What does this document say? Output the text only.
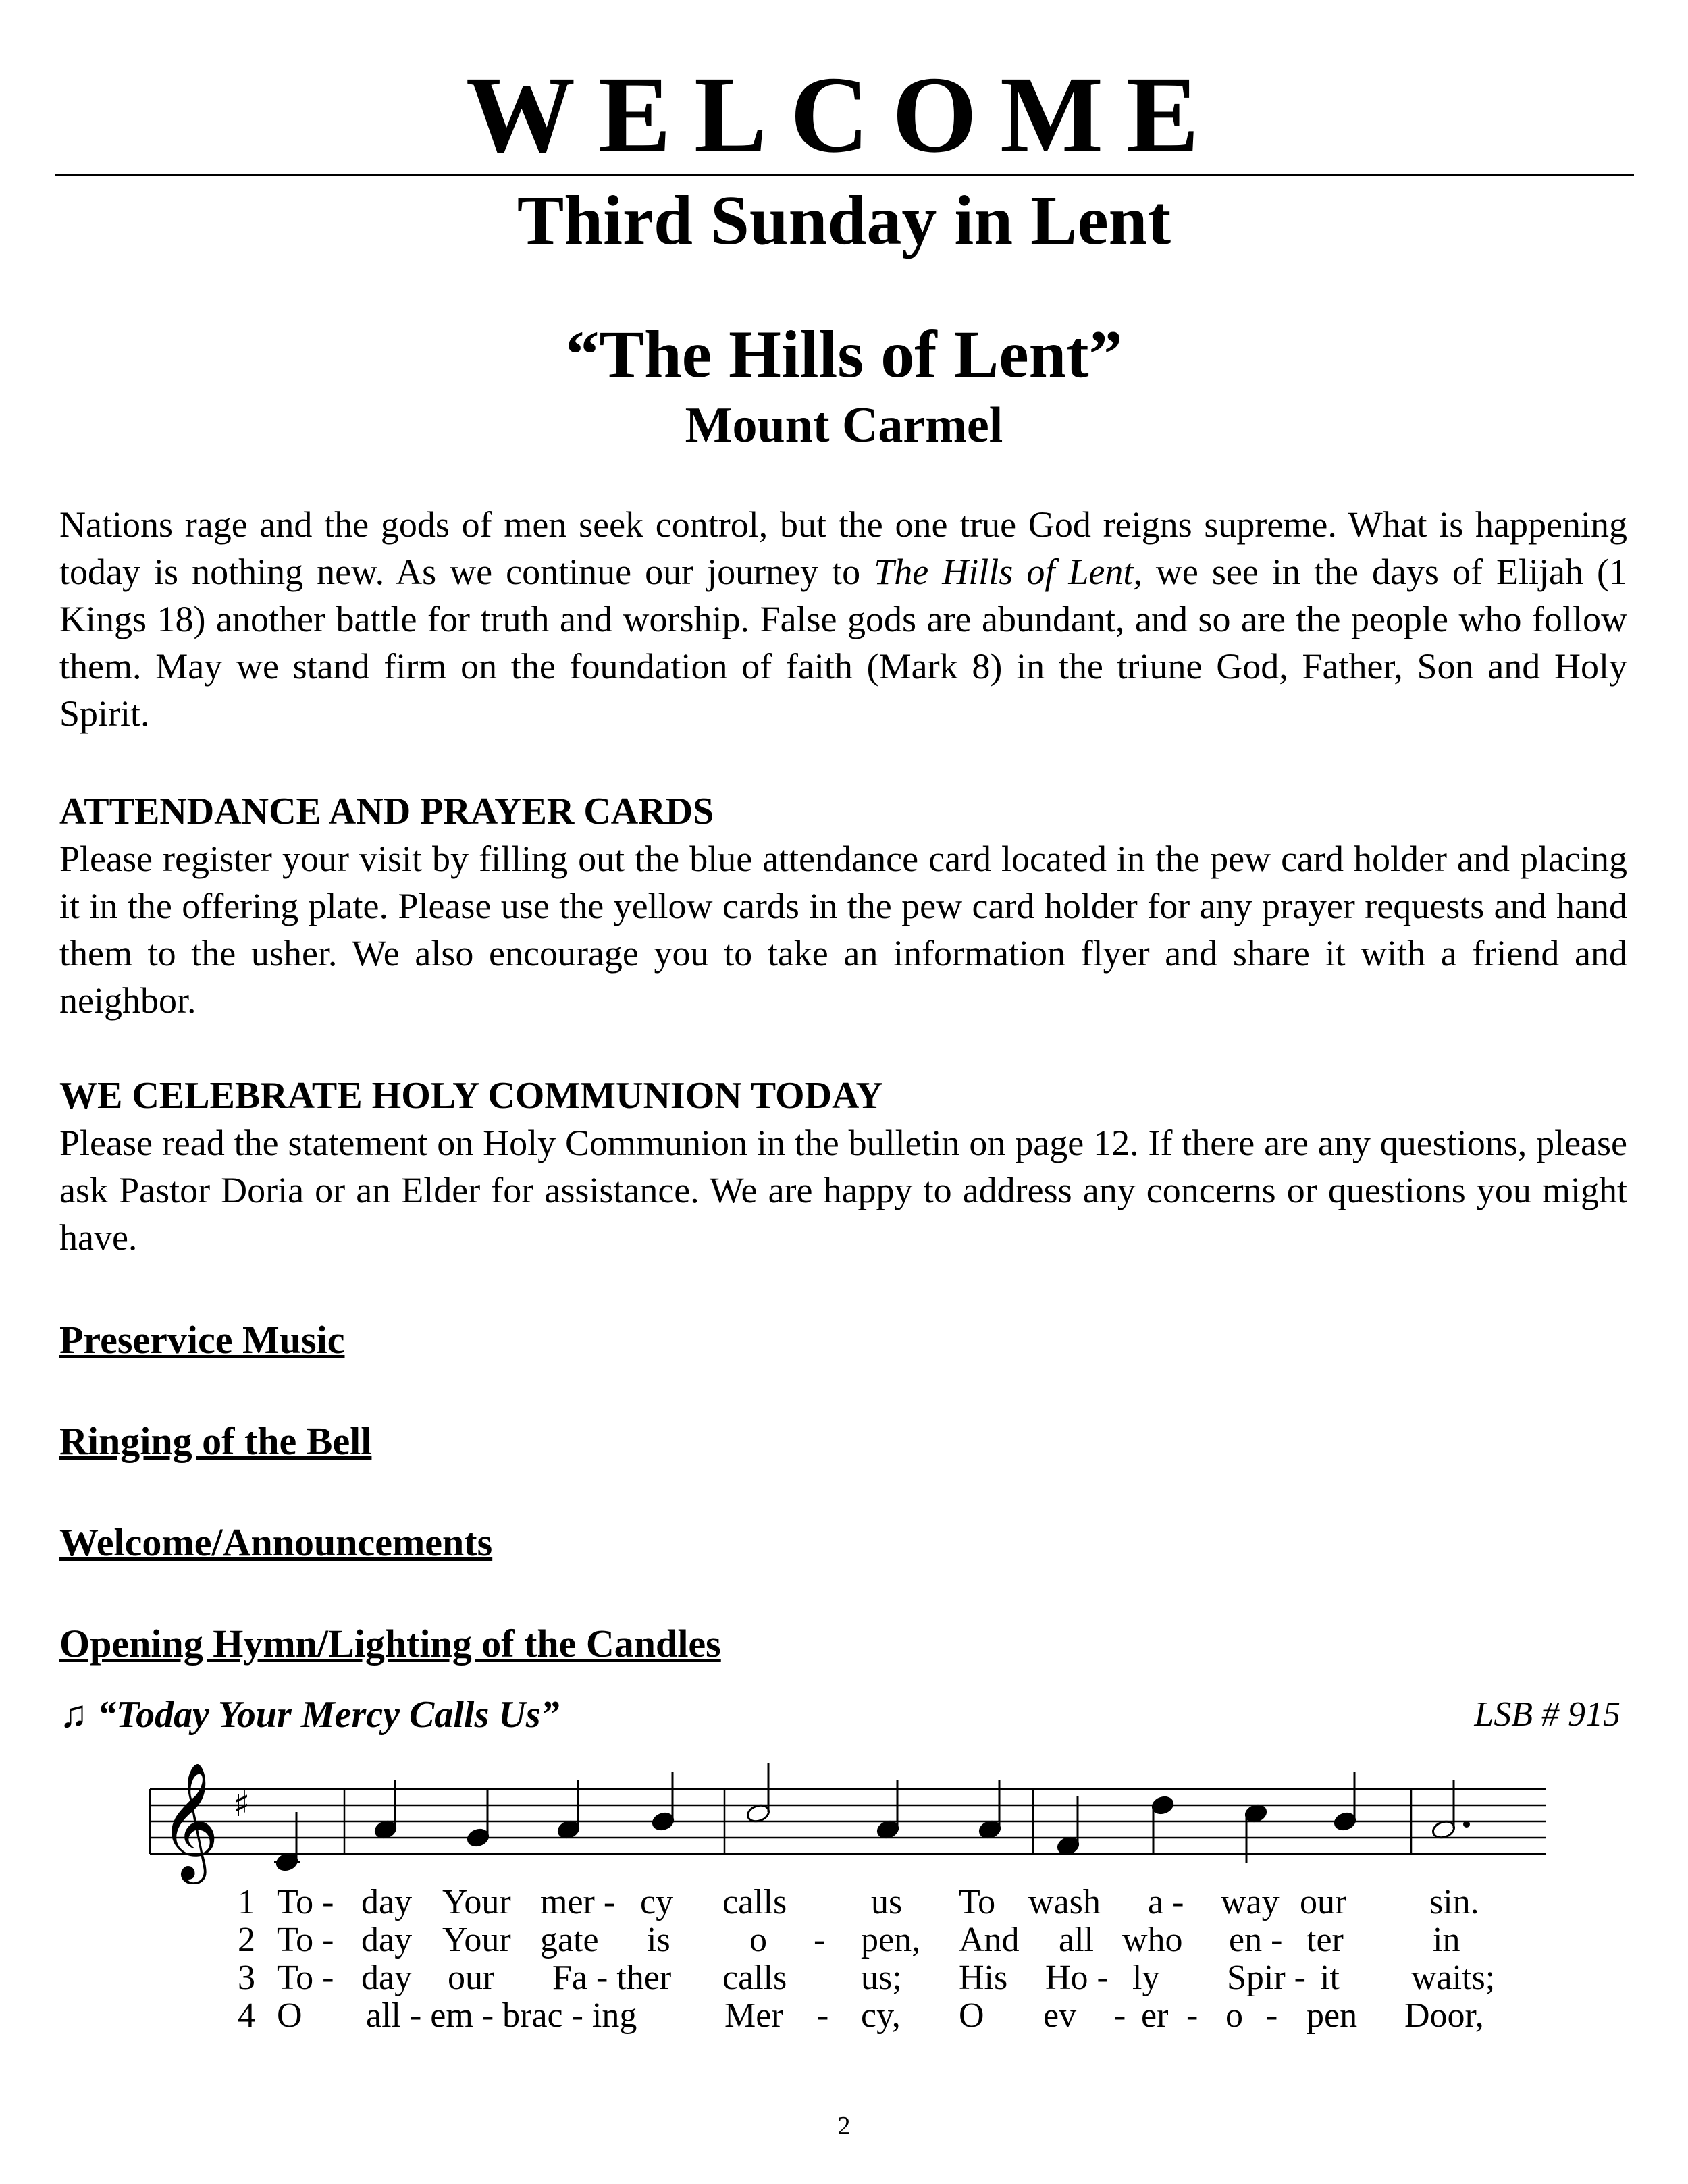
WELCOME
Third Sunday in Lent
“The Hills of Lent”
Mount Carmel
Nations rage and the gods of men seek control, but the one true God reigns supreme. What is happening today is nothing new. As we continue our journey to The Hills of Lent, we see in the days of Elijah (1 Kings 18) another battle for truth and worship. False gods are abundant, and so are the people who follow them. May we stand firm on the foundation of faith (Mark 8) in the triune God, Father, Son and Holy Spirit.
ATTENDANCE AND PRAYER CARDS
Please register your visit by filling out the blue attendance card located in the pew card holder and placing it in the offering plate. Please use the yellow cards in the pew card holder for any prayer requests and hand them to the usher. We also encourage you to take an information flyer and share it with a friend and neighbor.
WE CELEBRATE HOLY COMMUNION TODAY
Please read the statement on Holy Communion in the bulletin on page 12. If there are any questions, please ask Pastor Doria or an Elder for assistance. We are happy to address any concerns or questions you might have.
Preservice Music
Ringing of the Bell
Welcome/Announcements
Opening Hymn/Lighting of the Candles
♫ “Today Your Mercy Calls Us”	LSB # 915
𝄞 ♯
1 To - day Your mer - cy calls us To wash a - way our sin.
2 To - day Your gate is o - pen, And all who en - ter	in
3 To - day our Fa - ther calls us; His Ho - ly Spir - it waits;
4 O all - em - brac - ing Mer - cy, O ev - er - o - pen Door,
2
